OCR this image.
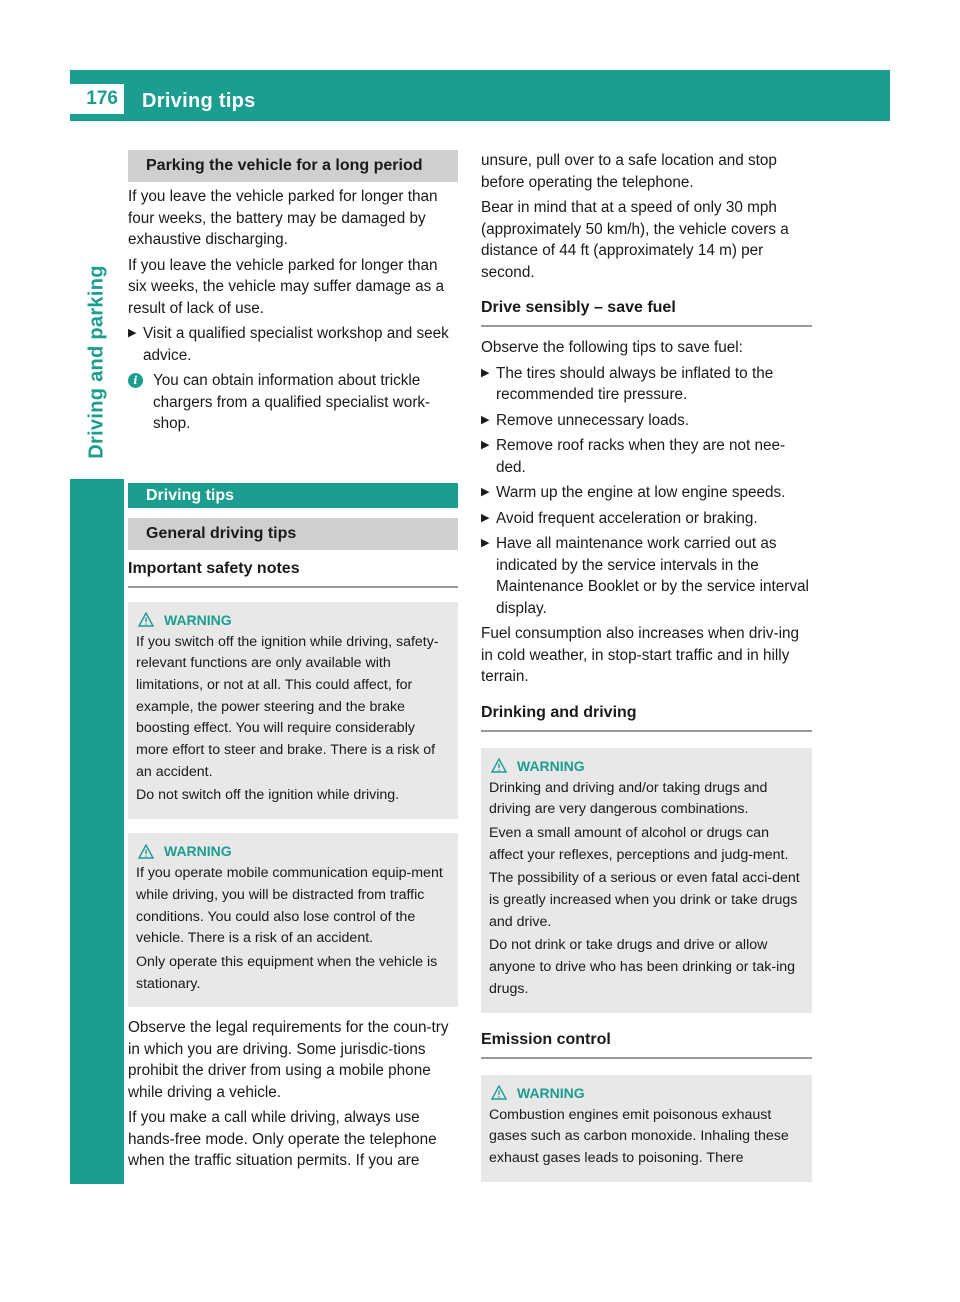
176	Driving tips
Driving and parking
Parking the vehicle for a long period

If you leave the vehicle parked for longer than four weeks, the battery may be damaged by exhaustive discharging.

If you leave the vehicle parked for longer than six weeks, the vehicle may suffer damage as a result of lack of use.

▶ Visit a qualified specialist workshop and seek advice.
i	You can obtain information about trickle chargers from a qualified specialist work-shop.
Driving tips
General driving tips
Important safety notes
WARNING

If you switch off the ignition while driving, safety-relevant functions are only available with limitations, or not at all. This could affect, for example, the power steering and the brake boosting effect. You will require considerably more effort to steer and brake. There is a risk of an accident.

Do not switch off the ignition while driving.

WARNING

If you operate mobile communication equip-ment while driving, you will be distracted from traffic conditions. You could also lose control of the vehicle. There is a risk of an accident.

Only operate this equipment when the vehicle is stationary.

Observe the legal requirements for the coun-try in which you are driving. Some jurisdic-tions prohibit the driver from using a mobile phone while driving a vehicle.

If you make a call while driving, always use hands-free mode. Only operate the telephone when the traffic situation permits. If you are

unsure, pull over to a safe location and stop before operating the telephone.

Bear in mind that at a speed of only 30 mph (approximately 50 km/h), the vehicle covers a distance of 44 ft (approximately 14 m) per second.

Drive sensibly – save fuel

Observe the following tips to save fuel:

▶ The tires should always be inflated to the recommended tire pressure.
▶ Remove unnecessary loads.
▶ Remove roof racks when they are not nee-ded.
▶ Warm up the engine at low engine speeds.
▶ Avoid frequent acceleration or braking.
▶ Have all maintenance work carried out as indicated by the service intervals in the Maintenance Booklet or by the service interval display.

Fuel consumption also increases when driv-ing in cold weather, in stop-start traffic and in hilly terrain.

Drinking and driving
WARNING

Drinking and driving and/or taking drugs and driving are very dangerous combinations.

Even a small amount of alcohol or drugs can affect your reflexes, perceptions and judg-ment.

The possibility of a serious or even fatal acci-dent is greatly increased when you drink or take drugs and drive.

Do not drink or take drugs and drive or allow anyone to drive who has been drinking or tak-ing drugs.

Emission control
WARNING

Combustion engines emit poisonous exhaust gases such as carbon monoxide. Inhaling these exhaust gases leads to poisoning. There
